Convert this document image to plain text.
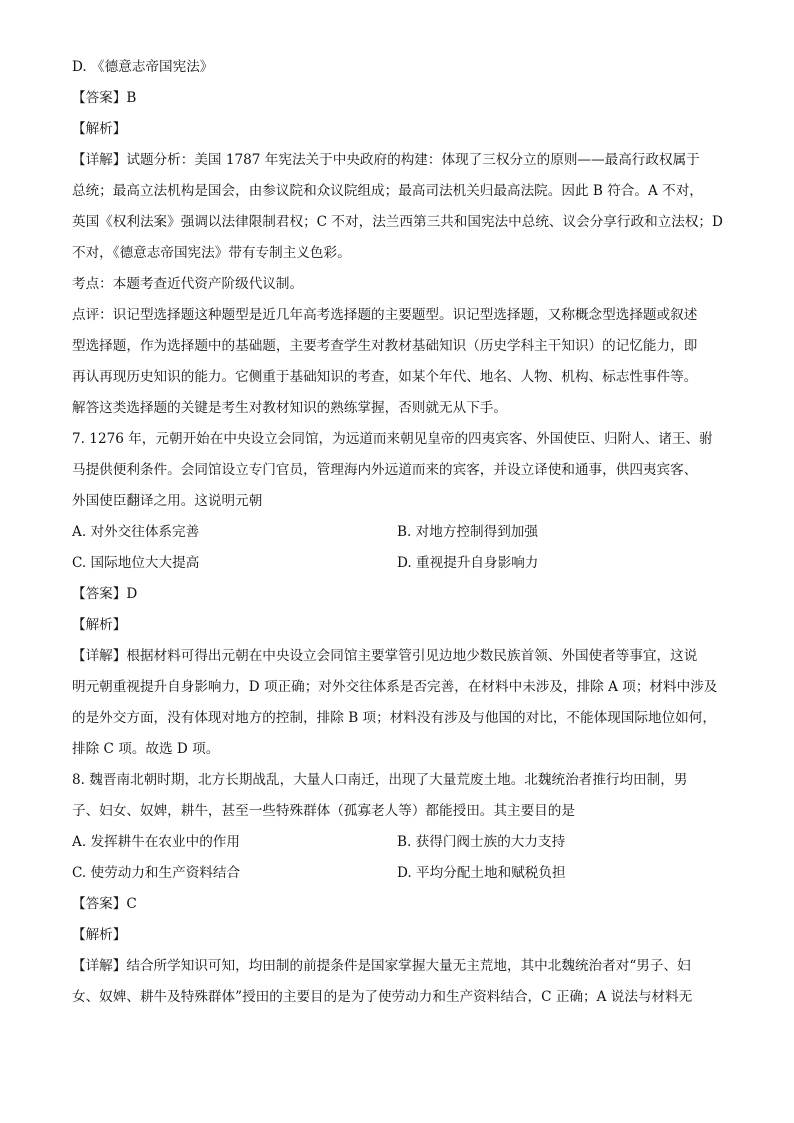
D. 《德意志帝国宪法》

【答案】B

【解析】

【详解】试题分析：美国 1787 年宪法关于中央政府的构建：体现了三权分立的原则——最高行政权属于

总统；最高立法机构是国会，由参议院和众议院组成；最高司法机关归最高法院。因此 B 符合。A 不对，

英国《权利法案》强调以法律限制君权；C 不对，法兰西第三共和国宪法中总统、议会分享行政和立法权；D

不对，《德意志帝国宪法》带有专制主义色彩。

考点：本题考查近代资产阶级代议制。

点评：识记型选择题这种题型是近几年高考选择题的主要题型。识记型选择题，又称概念型选择题或叙述

型选择题，作为选择题中的基础题，主要考查学生对教材基础知识（历史学科主干知识）的记忆能力，即

再认再现历史知识的能力。它侧重于基础知识的考查，如某个年代、地名、人物、机构、标志性事件等。

解答这类选择题的关键是考生对教材知识的熟练掌握，否则就无从下手。

7. 1276 年，元朝开始在中央设立会同馆，为远道而来朝见皇帝的四夷宾客、外国使臣、归附人、诸王、驸

马提供便利条件。会同馆设立专门官员，管理海内外远道而来的宾客，并设立译使和通事，供四夷宾客、

外国使臣翻译之用。这说明元朝

A. 对外交往体系完善	B. 对地方控制得到加强
C. 国际地位大大提高	D. 重视提升自身影响力

【答案】D

【解析】

【详解】根据材料可得出元朝在中央设立会同馆主要掌管引见边地少数民族首领、外国使者等事宜，这说

明元朝重视提升自身影响力，D 项正确；对外交往体系是否完善，在材料中未涉及，排除 A 项；材料中涉及

的是外交方面，没有体现对地方的控制，排除 B 项；材料没有涉及与他国的对比，不能体现国际地位如何，

排除 C 项。故选 D 项。

8. 魏晋南北朝时期，北方长期战乱，大量人口南迁，出现了大量荒废土地。北魏统治者推行均田制，男

子、妇女、奴婢，耕牛，甚至一些特殊群体（孤寡老人等）都能授田。其主要目的是

A. 发挥耕牛在农业中的作用	B. 获得门阀士族的大力支持
C. 使劳动力和生产资料结合	D. 平均分配土地和赋税负担

【答案】C

【解析】

【详解】结合所学知识可知，均田制的前提条件是国家掌握大量无主荒地，其中北魏统治者对“男子、妇

女、奴婢、耕牛及特殊群体”授田的主要目的是为了使劳动力和生产资料结合，C 正确；A 说法与材料无
